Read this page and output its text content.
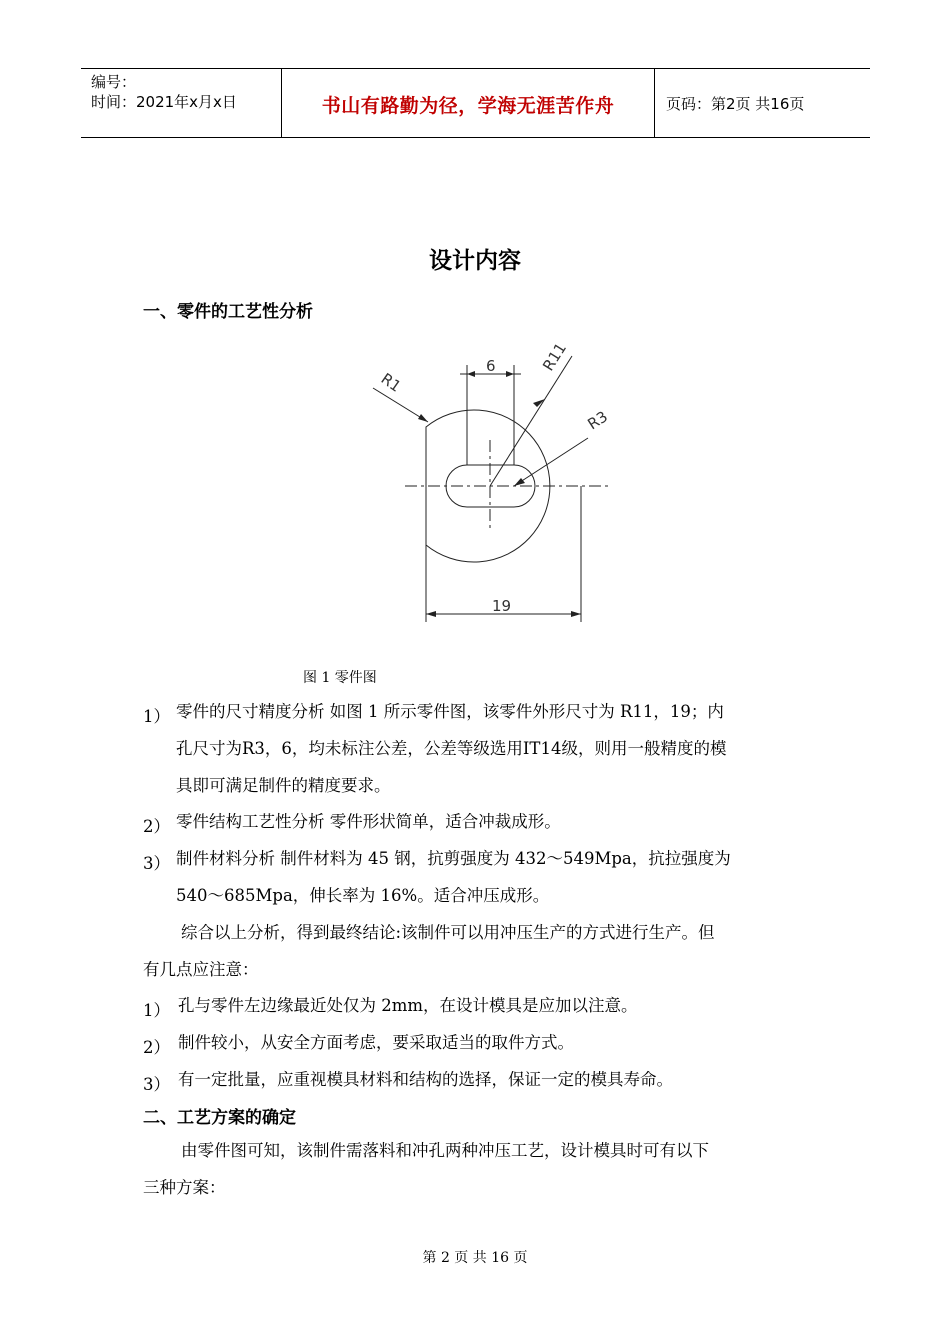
编号：
时间：2021年x月x日	书山有路勤为径，学海无涯苦作舟	页码：第2页 共16页
设计内容
一、零件的工艺性分析
6	R11
R3
R1
19
图 1 零件图
1） 零件的尺寸精度分析 如图 1 所示零件图，该零件外形尺寸为 R11，19；内
孔尺寸为R3，6，均未标注公差，公差等级选用IT14级，则用一般精度的模
具即可满足制件的精度要求。
2） 零件结构工艺性分析 零件形状简单，适合冲裁成形。
3） 制件材料分析 制件材料为 45 钢，抗剪强度为 432～549Mpa，抗拉强度为
540～685Mpa，伸长率为 16%。适合冲压成形。
综合以上分析，得到最终结论:该制件可以用冲压生产的方式进行生产。但
有几点应注意：
1） 孔与零件左边缘最近处仅为 2mm，在设计模具是应加以注意。
2） 制件较小，从安全方面考虑，要采取适当的取件方式。
3） 有一定批量，应重视模具材料和结构的选择，保证一定的模具寿命。
二、工艺方案的确定
由零件图可知，该制件需落料和冲孔两种冲压工艺，设计模具时可有以下
三种方案：
第 2 页 共 16 页
